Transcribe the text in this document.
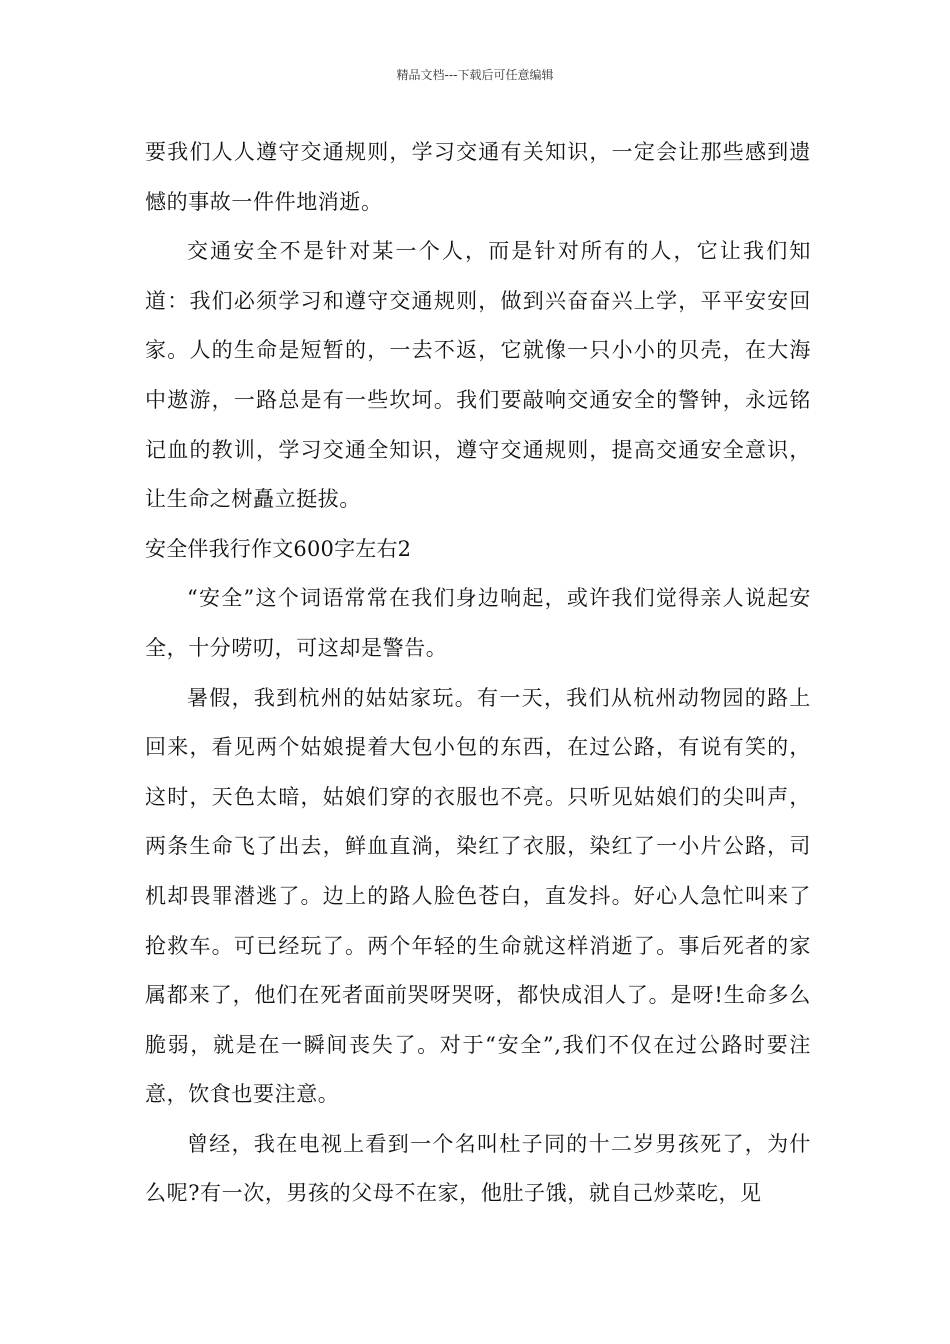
精品文档---下载后可任意编辑

要我们人人遵守交通规则，学习交通有关知识，一定会让那些感到遗憾的事故一件件地消逝。

交通安全不是针对某一个人，而是针对所有的人，它让我们知道：我们必须学习和遵守交通规则，做到兴奋奋兴上学，平平安安回家。人的生命是短暂的，一去不返，它就像一只小小的贝壳，在大海中遨游，一路总是有一些坎坷。我们要敲响交通安全的警钟，永远铭记血的教训，学习交通全知识，遵守交通规则，提高交通安全意识，让生命之树矗立挺拔。

安全伴我行作文600字左右2

“安全”这个词语常常在我们身边响起，或许我们觉得亲人说起安全，十分唠叨，可这却是警告。

暑假，我到杭州的姑姑家玩。有一天，我们从杭州动物园的路上回来，看见两个姑娘提着大包小包的东西，在过公路，有说有笑的，这时，天色太暗，姑娘们穿的衣服也不亮。只听见姑娘们的尖叫声，两条生命飞了出去，鲜血直淌，染红了衣服，染红了一小片公路，司机却畏罪潜逃了。边上的路人脸色苍白，直发抖。好心人急忙叫来了抢救车。可已经玩了。两个年轻的生命就这样消逝了。事后死者的家属都来了，他们在死者面前哭呀哭呀，都快成泪人了。是呀!生命多么脆弱，就是在一瞬间丧失了。对于“安全”,我们不仅在过公路时要注意，饮食也要注意。

曾经，我在电视上看到一个名叫杜子同的十二岁男孩死了，为什么呢?有一次，男孩的父母不在家，他肚子饿，就自己炒菜吃，见
